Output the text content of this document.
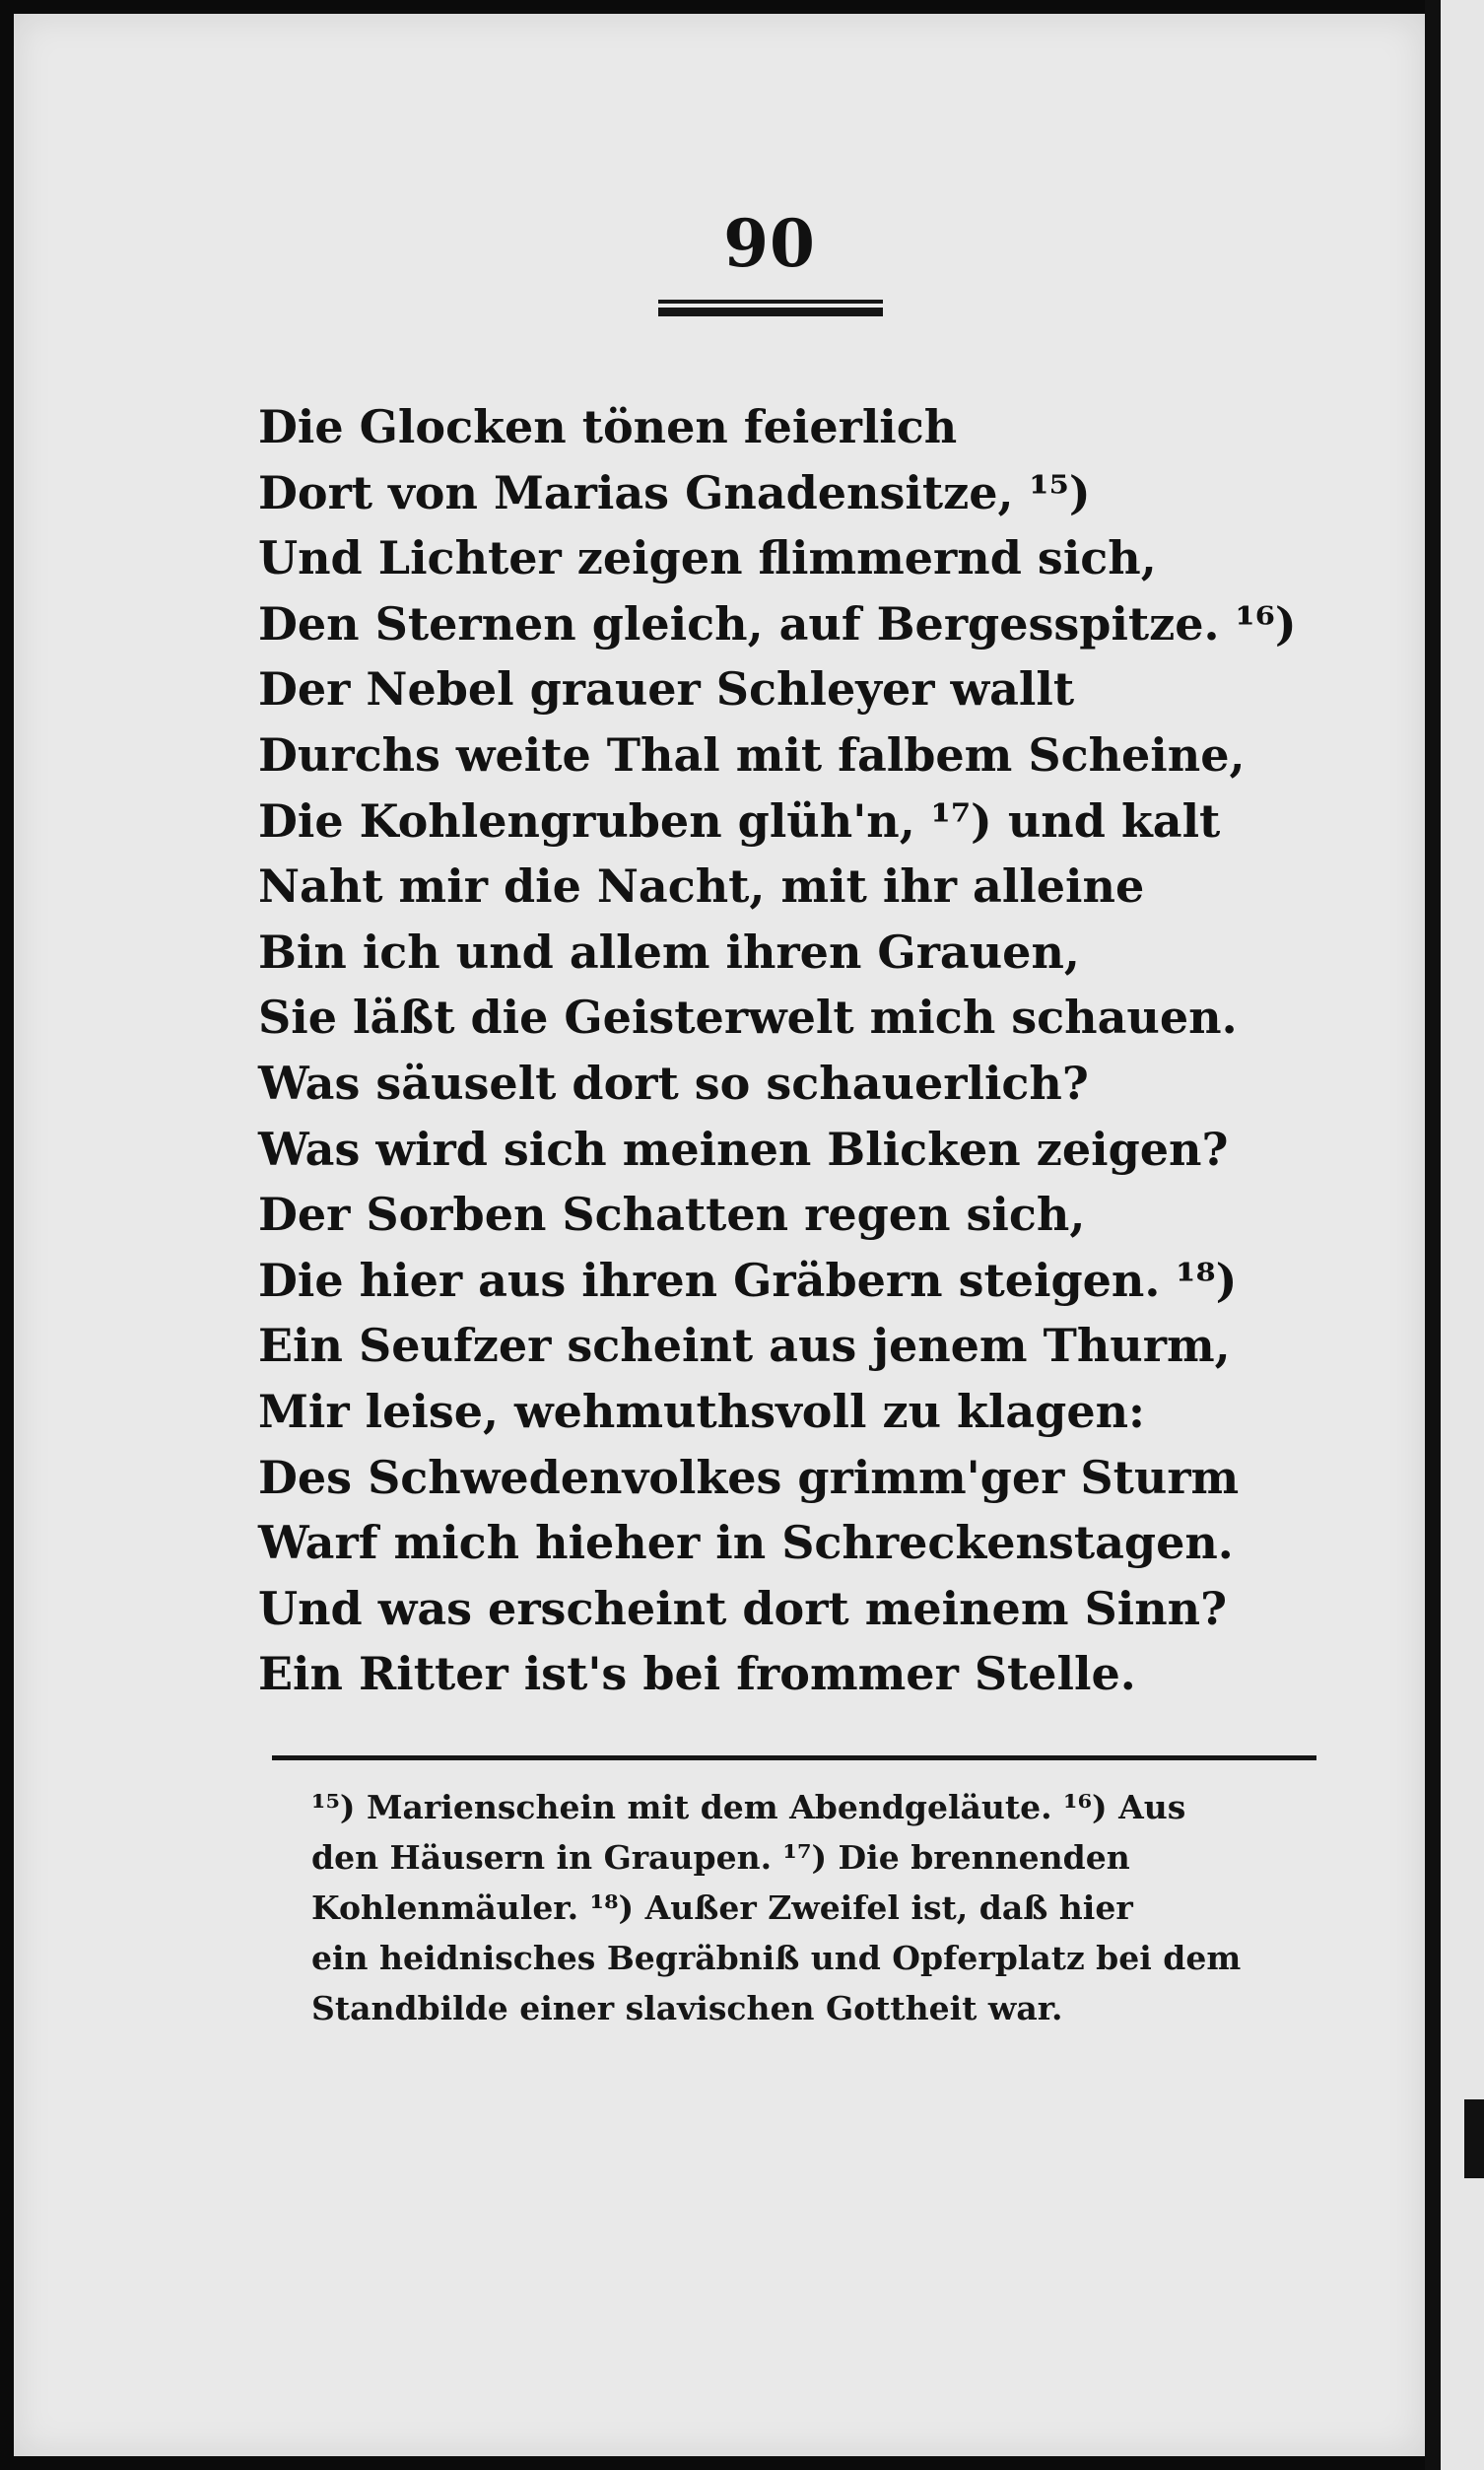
90
Die Glocken tönen feierlich
Dort von Marias Gnadensitze, ¹⁵)
Und Lichter zeigen flimmernd sich,
Den Sternen gleich, auf Bergesspitze. ¹⁶)
Der Nebel grauer Schleyer wallt
Durchs weite Thal mit falbem Scheine,
Die Kohlengruben glüh'n, ¹⁷) und kalt
Naht mir die Nacht, mit ihr alleine
Bin ich und allem ihren Grauen,
Sie läßt die Geisterwelt mich schauen.
Was säuselt dort so schauerlich?
Was wird sich meinen Blicken zeigen?
Der Sorben Schatten regen sich,
Die hier aus ihren Gräbern steigen. ¹⁸)
Ein Seufzer scheint aus jenem Thurm,
Mir leise, wehmuthsvoll zu klagen:
Des Schwedenvolkes grimm'ger Sturm
Warf mich hieher in Schreckenstagen.
Und was erscheint dort meinem Sinn?
Ein Ritter ist's bei frommer Stelle.
¹⁵) Marienschein mit dem Abendgeläute. ¹⁶) Aus
den Häusern in Graupen. ¹⁷) Die brennenden
Kohlenmäuler. ¹⁸) Außer Zweifel ist, daß hier
ein heidnisches Begräbniß und Opferplatz bei dem
Standbilde einer slavischen Gottheit war.
